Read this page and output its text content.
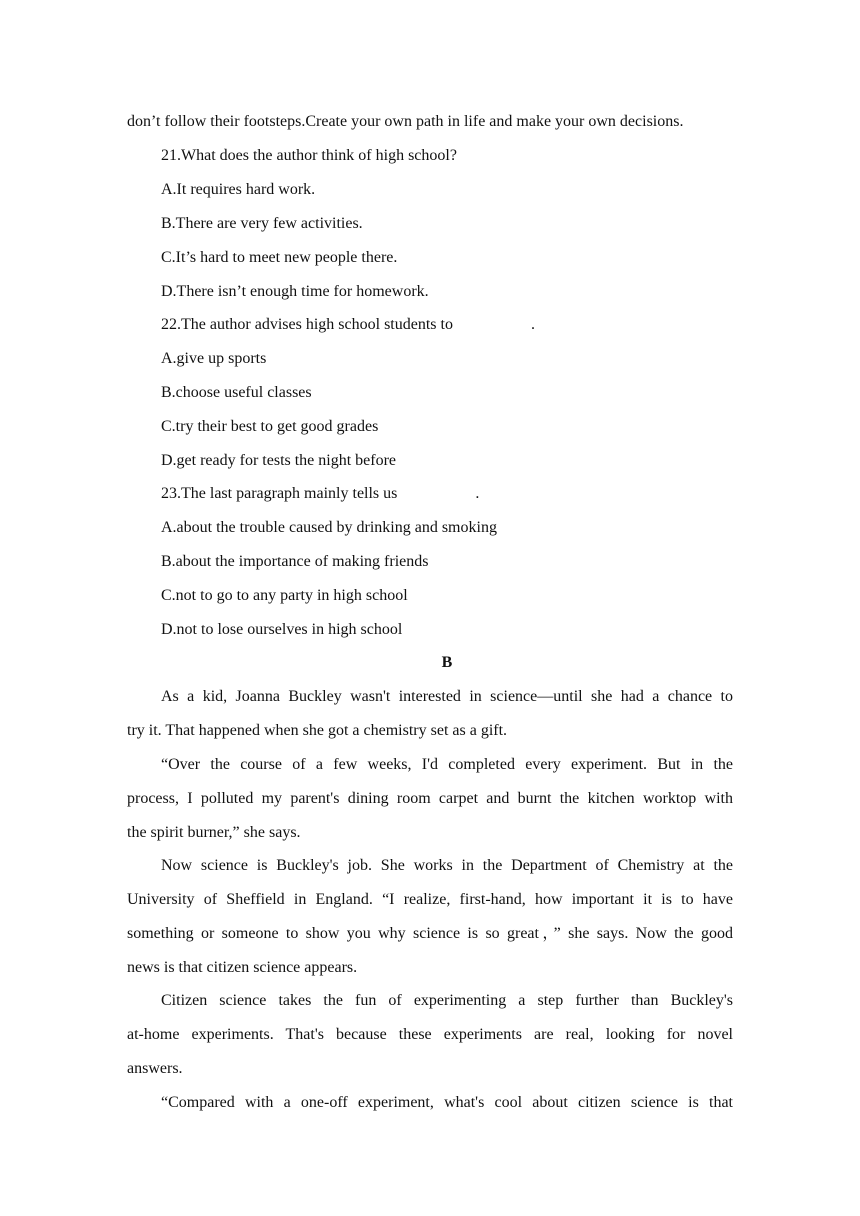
don’t follow their footsteps.Create your own path in life and make your own decisions.
21.What does the author think of high school?
A.It requires hard work.
B.There are very few activities.
C.It’s hard to meet new people there.
D.There isn’t enough time for homework.
22.The author advises high school students to	.
A.give up sports
B.choose useful classes
C.try their best to get good grades
D.get ready for tests the night before
23.The last paragraph mainly tells us	.
A.about the trouble caused by drinking and smoking
B.about the importance of making friends
C.not to go to any party in high school
D.not to lose ourselves in high school
B
As a kid, Joanna Buckley wasn't interested in science—until she had a chance to
try it. That happened when she got a chemistry set as a gift.
“Over the course of a few weeks, I'd completed every experiment. But in the
process, I polluted my parent's dining room carpet and burnt the kitchen worktop with
the spirit burner,” she says.
Now science is Buckley's job. She works in the Department of Chemistry at the
University of Sheffield in England. “I realize, first-hand, how important it is to have
something or someone to show you why science is so great，” she says. Now the good
news is that citizen science appears.
Citizen science takes the fun of experimenting a step further than Buckley's
at-home experiments. That's because these experiments are real, looking for novel
answers.
“Compared with a one-off experiment, what's cool about citizen science is that
